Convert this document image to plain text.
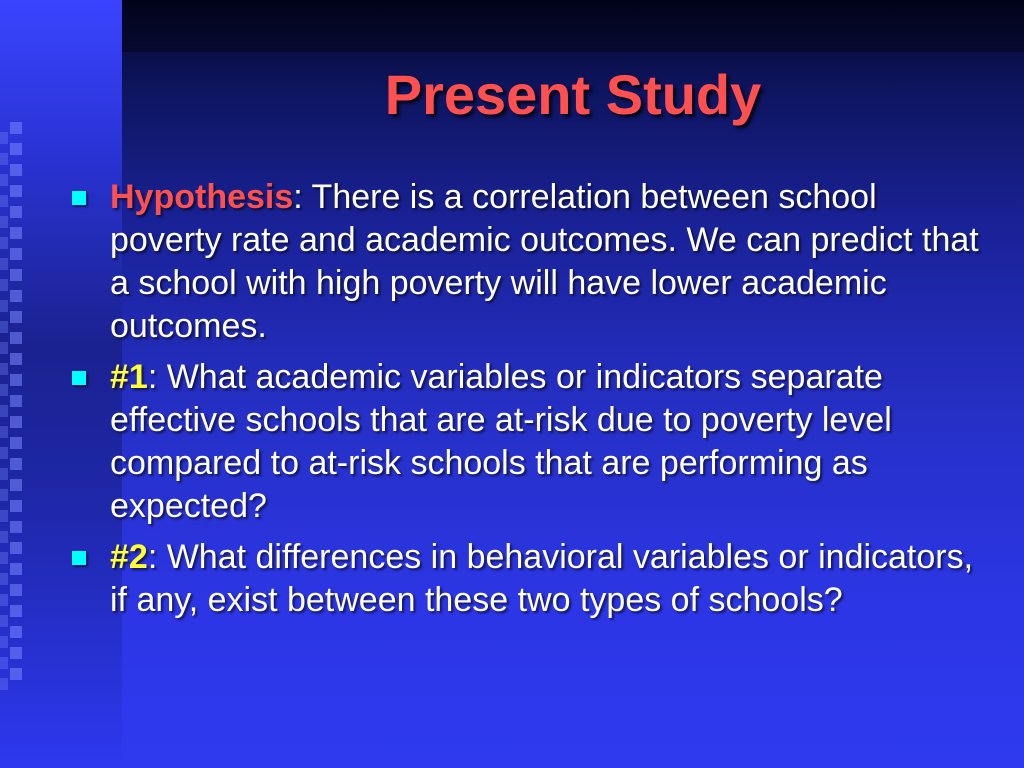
Present Study
Hypothesis: There is a correlation between school poverty rate and academic outcomes. We can predict that a school with high poverty will have lower academic outcomes.
#1: What academic variables or indicators separate effective schools that are at-risk due to poverty level compared to at-risk schools that are performing as expected?
#2: What differences in behavioral variables or indicators, if any, exist between these two types of schools?
